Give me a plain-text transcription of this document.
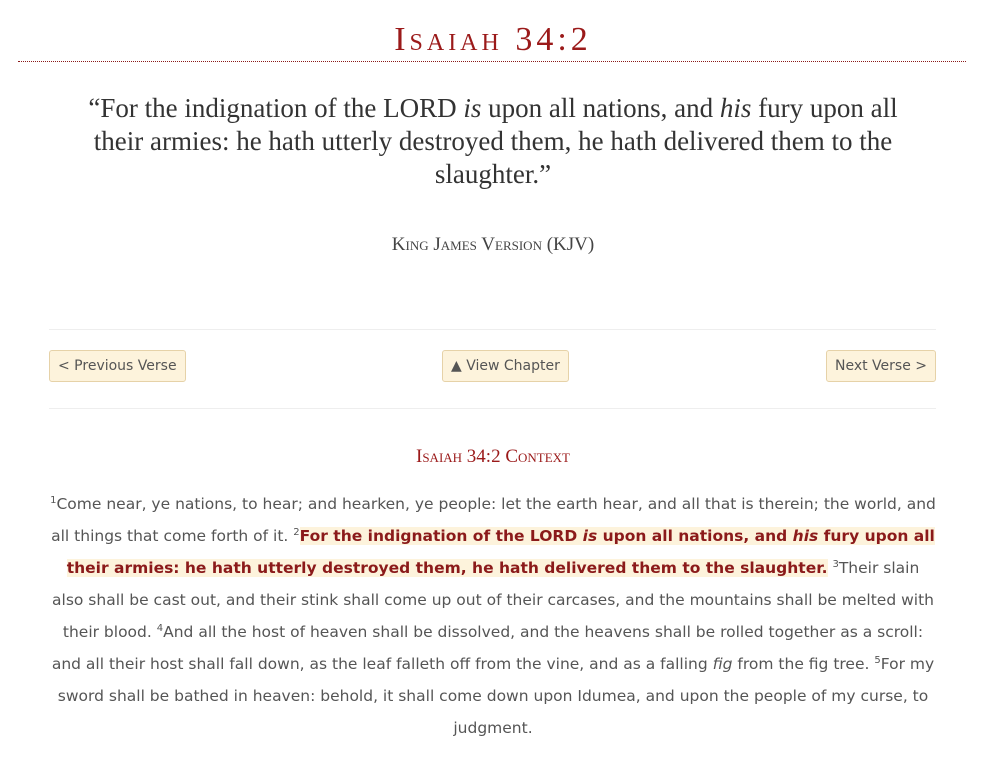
Isaiah 34:2
“For the indignation of the LORD is upon all nations, and his fury upon all their armies: he hath utterly destroyed them, he hath delivered them to the slaughter.”
King James Version (KJV)
< Previous Verse	▲ View Chapter	Next Verse >
Isaiah 34:2 Context
$^1$Come near, ye nations, to hear; and hearken, ye people: let the earth hear, and all that is therein; the world, and all things that come forth of it. $^2$For the indignation of the LORD is upon all nations, and his fury upon all their armies: he hath utterly destroyed them, he hath delivered them to the slaughter. $^3$Their slain also shall be cast out, and their stink shall come up out of their carcases, and the mountains shall be melted with their blood. $^4$And all the host of heaven shall be dissolved, and the heavens shall be rolled together as a scroll: and all their host shall fall down, as the leaf falleth off from the vine, and as a falling fig from the fig tree. $^5$For my sword shall be bathed in heaven: behold, it shall come down upon Idumea, and upon the people of my curse, to judgment.
